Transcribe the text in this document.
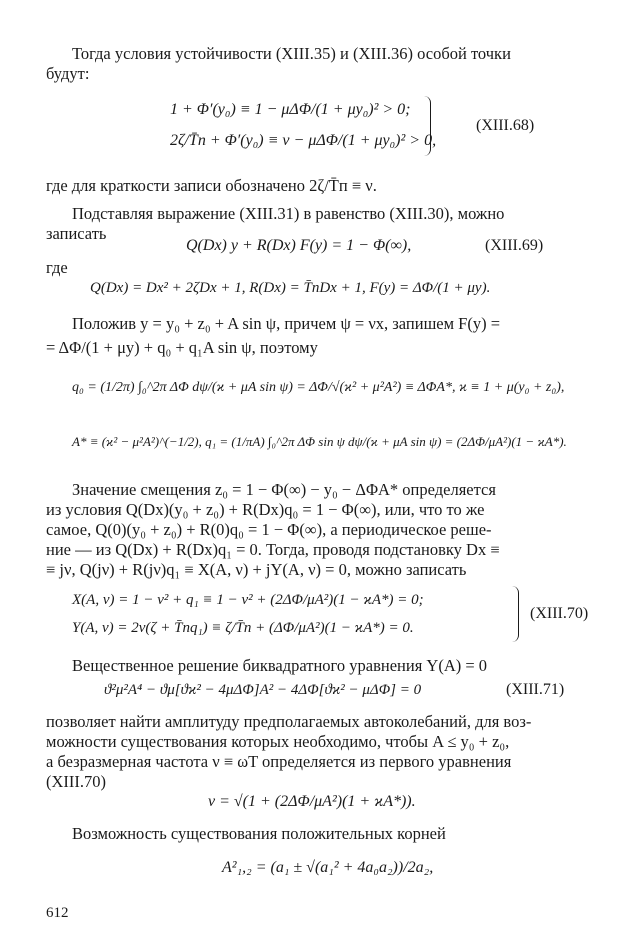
Тогда условия устойчивости (XIII.35) и (XIII.36) особой точки
будут:
1 + Φ′(y₀) ≡ 1 − μΔΦ/(1 + μy₀)² > 0;
2ζ/T̄п + Φ′(y₀) ≡ ν − μΔΦ/(1 + μy₀)² > 0,
(XIII.68)
где для краткости записи обозначено 2ζ/T̄п ≡ ν.
Подставляя выражение (XIII.31) в равенство (XIII.30), можно
записать
Q(Dx) y + R(Dx) F(y) = 1 − Φ(∞),	(XIII.69)
где
Q(Dx) = Dx² + 2ζDx + 1, R(Dx) = T̄пDx + 1, F(y) = ΔΦ/(1 + μy).
Положив y = y₀ + z₀ + A sin ψ, причем ψ = νx, запишем F(y) =
= ΔΦ/(1 + μy) + q₀ + q₁A sin ψ, поэтому
q₀ = (1/2π) ∫₀^2π ΔΦ dψ/(ϰ + μA sin ψ) = ΔΦ/√(ϰ² + μ²A²) ≡ ΔΦA*, ϰ ≡ 1 + μ(y₀ + z₀),
A* ≡ (ϰ² − μ²A²)^(−1/2), q₁ = (1/πA) ∫₀^2π ΔΦ sin ψ dψ/(ϰ + μA sin ψ) = (2ΔΦ/μA²)(1 − ϰA*).
Значение смещения z₀ = 1 − Φ(∞) − y₀ − ΔΦA* определяется
из условия Q(Dx)(y₀ + z₀) + R(Dx)q₀ = 1 − Φ(∞), или, что то же
самое, Q(0)(y₀ + z₀) + R(0)q₀ = 1 − Φ(∞), а периодическое реше-
ние — из Q(Dx) + R(Dx)q₁ = 0. Тогда, проводя подстановку Dx ≡
≡ jν, Q(jν) + R(jν)q₁ ≡ X(A, ν) + jY(A, ν) = 0, можно записать
X(A, ν) = 1 − ν² + q₁ ≡ 1 − ν² + (2ΔΦ/μA²)(1 − ϰA*) = 0;
Y(A, ν) = 2ν(ζ + T̄пq₁) ≡ ζ/T̄п + (ΔΦ/μA²)(1 − ϰA*) = 0.
(XIII.70)
Вещественное решение биквадратного уравнения Y(A) = 0
ϑ²μ²A⁴ − ϑμ[ϑϰ² − 4μΔΦ]A² − 4ΔΦ[ϑϰ² − μΔΦ] = 0	(XIII.71)
позволяет найти амплитуду предполагаемых автоколебаний, для воз-
можности существования которых необходимо, чтобы A ≤ y₀ + z₀,
а безразмерная частота ν ≡ ωT определяется из первого уравнения
(XIII.70)
ν = √(1 + (2ΔΦ/μA²)(1 + ϰA*)).
Возможность существования положительных корней
A²₁,₂ = (a₁ ± √(a₁² + 4a₀a₂))/2a₂,
612
